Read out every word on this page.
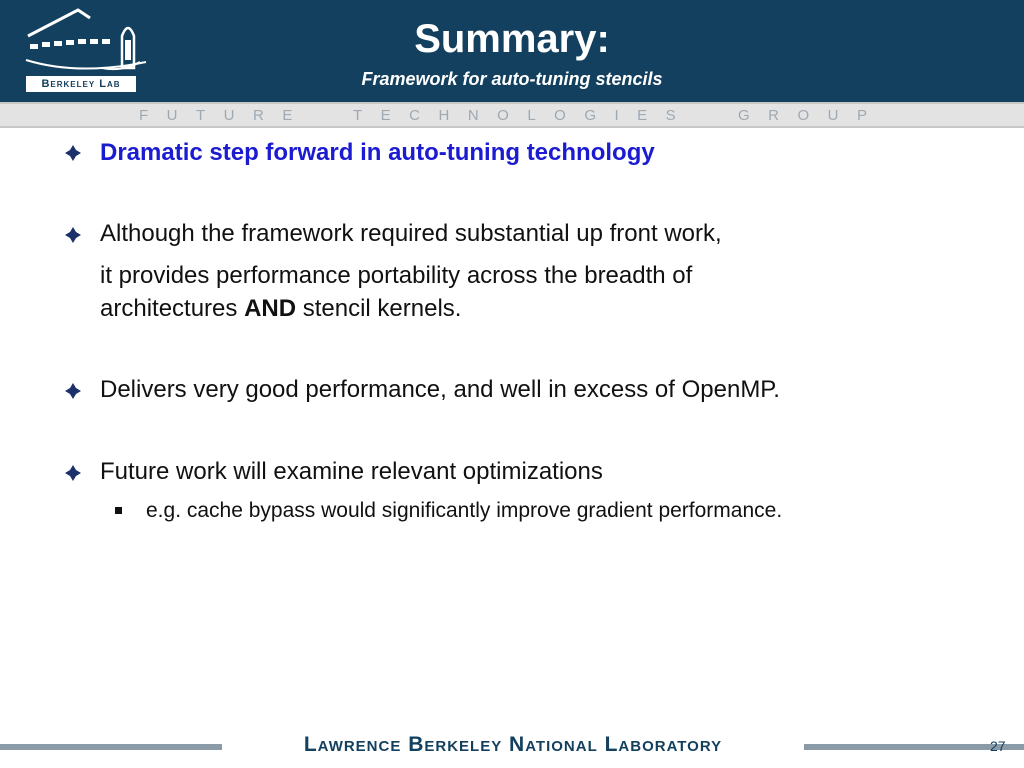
Berkeley Lab
Summary:
Framework for auto-tuning stencils
FUTURE	TECHNOLOGIES	GROUP
Dramatic step forward in auto-tuning technology
Although the framework required substantial up front work,
it provides performance portability across the breadth of
architectures AND stencil kernels.
Delivers very good performance, and well in excess of OpenMP.
Future work will examine relevant optimizations
e.g. cache bypass would significantly improve gradient performance.
Lawrence Berkeley National Laboratory	27
